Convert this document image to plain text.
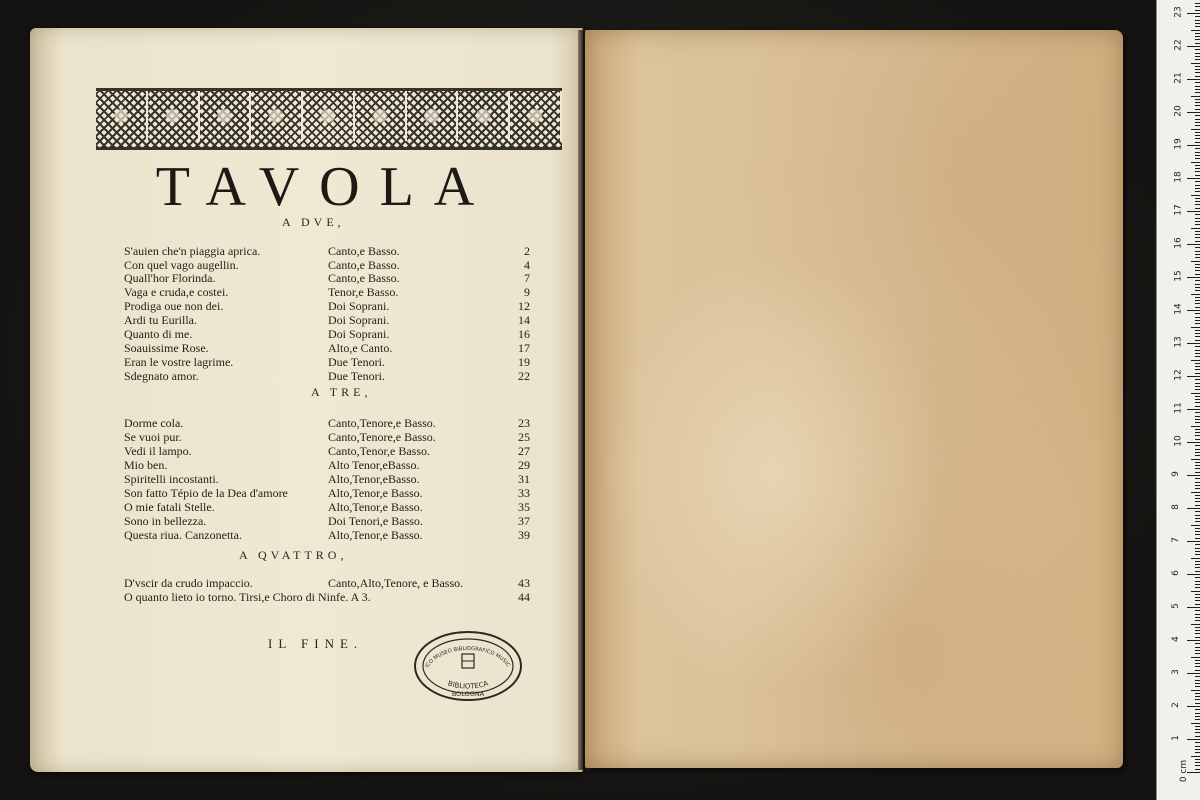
TAVOLA
IL FINE.
ICO MUSEO BIBLIOGRAFICO MUSIC
BIBLIOTECA
BOLOGNA
0 cm
1
2
3
4
5
6
7
8
9
10
11
12
13
14
15
16
17
18
19
20
21
22
23
A DVE,
S'auien che'n piaggia aprica.	Canto,e Basso.	2
Con quel vago augellin.	Canto,e Basso.	4
Quall'hor Florinda.	Canto,e Basso.	7
Vaga e cruda,e costei.	Tenor,e Basso.	9
Prodiga oue non dei.	Doi Soprani.	12
Ardi tu Eurilla.	Doi Soprani.	14
Quanto di me.	Doi Soprani.	16
Soauissime Rose.	Alto,e Canto.	17
Eran le vostre lagrime.	Due Tenori.	19
Sdegnato amor.	Due Tenori.	22
A TRE,
Dorme cola.	Canto,Tenore,e Basso.	23
Se vuoi pur.	Canto,Tenore,e Basso.	25
Vedi il lampo.	Canto,Tenor,e Basso.	27
Mio ben.	Alto Tenor,eBasso.	29
Spiritelli incostanti.	Alto,Tenor,eBasso.	31
Son fatto Tépio de la Dea d'amore	Alto,Tenor,e Basso.	33
O mie fatali Stelle.	Alto,Tenor,e Basso.	35
Sono in bellezza.	Doi Tenori,e Basso.	37
Questa riua. Canzonetta.	Alto,Tenor,e Basso.	39
A QVATTRO,
D'vscir da crudo impaccio.	Canto,Alto,Tenore, e Basso.	43
O quanto lieto io torno. Tirsi,e Choro di Ninfe. A 3.	44
